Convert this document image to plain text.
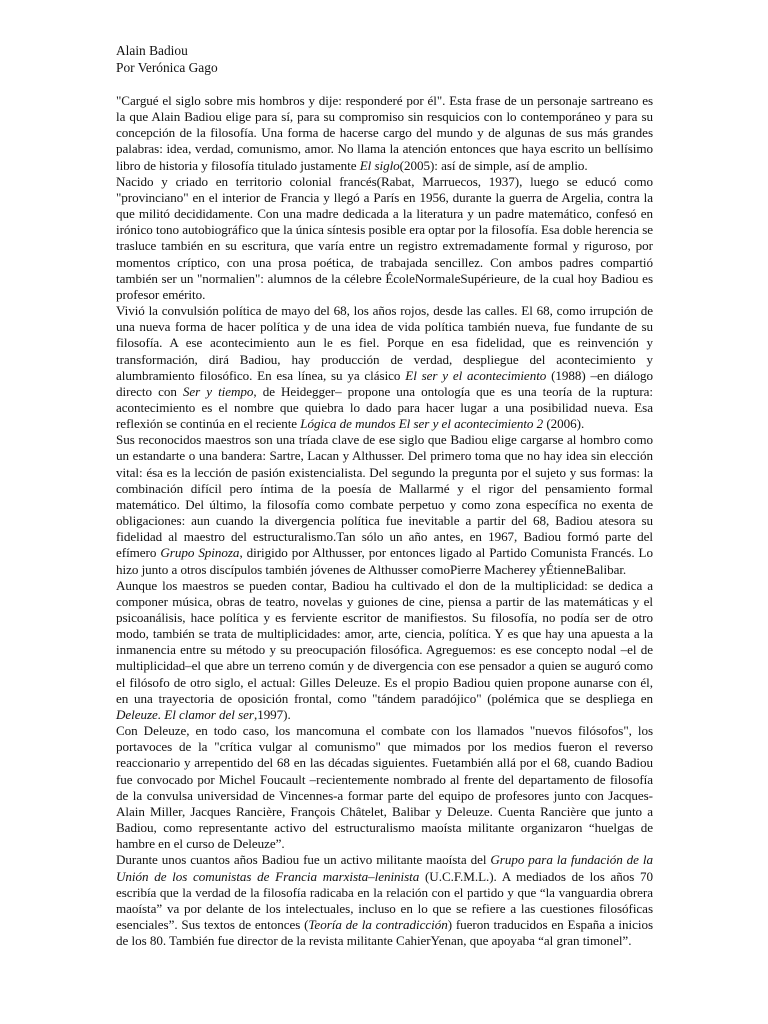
Alain Badiou
Por Verónica Gago

"Cargué el siglo sobre mis hombros y dije: responderé por él". Esta frase de un personaje sartreano es la que Alain Badiou elige para sí, para su compromiso sin resquicios con lo contemporáneo y para su concepción de la filosofía. Una forma de hacerse cargo del mundo y de algunas de sus más grandes palabras: idea, verdad, comunismo, amor. No llama la atención entonces que haya escrito un bellísimo libro de historia y filosofía titulado justamente El siglo(2005): así de simple, así de amplio.

Nacido y criado en territorio colonial francés(Rabat, Marruecos, 1937), luego se educó como "provinciano" en el interior de Francia y llegó a París en 1956, durante la guerra de Argelia, contra la que militó decididamente. Con una madre dedicada a la literatura y un padre matemático, confesó en irónico tono autobiográfico que la única síntesis posible era optar por la filosofía. Esa doble herencia se trasluce también en su escritura, que varía entre un registro extremadamente formal y riguroso, por momentos críptico, con una prosa poética, de trabajada sencillez. Con ambos padres compartió también ser un "normalien": alumnos de la célebre ÉcoleNormaleSupérieure, de la cual hoy Badiou es profesor emérito.

Vivió la convulsión política de mayo del 68, los años rojos, desde las calles. El 68, como irrupción de una nueva forma de hacer política y de una idea de vida política también nueva, fue fundante de su filosofía. A ese acontecimiento aun le es fiel. Porque en esa fidelidad, que es reinvención y transformación, dirá Badiou, hay producción de verdad, despliegue del acontecimiento y alumbramiento filosófico. En esa línea, su ya clásico El ser y el acontecimiento (1988) –en diálogo directo con Ser y tiempo, de Heidegger– propone una ontología que es una teoría de la ruptura: acontecimiento es el nombre que quiebra lo dado para hacer lugar a una posibilidad nueva. Esa reflexión se continúa en el reciente Lógica de mundos El ser y el acontecimiento 2 (2006).

Sus reconocidos maestros son una tríada clave de ese siglo que Badiou elige cargarse al hombro como un estandarte o una bandera: Sartre, Lacan y Althusser. Del primero toma que no hay idea sin elección vital: ésa es la lección de pasión existencialista. Del segundo la pregunta por el sujeto y sus formas: la combinación difícil pero íntima de la poesía de Mallarmé y el rigor del pensamiento formal matemático. Del último, la filosofía como combate perpetuo y como zona específica no exenta de obligaciones: aun cuando la divergencia política fue inevitable a partir del 68, Badiou atesora su fidelidad al maestro del estructuralismo.Tan sólo un año antes, en 1967, Badiou formó parte del efímero Grupo Spinoza, dirigido por Althusser, por entonces ligado al Partido Comunista Francés. Lo hizo junto a otros discípulos también jóvenes de Althusser comoPierre Macherey yÉtienneBalibar.

Aunque los maestros se pueden contar, Badiou ha cultivado el don de la multiplicidad: se dedica a componer música, obras de teatro, novelas y guiones de cine, piensa a partir de las matemáticas y el psicoanálisis, hace política y es ferviente escritor de manifiestos. Su filosofía, no podía ser de otro modo, también se trata de multiplicidades: amor, arte, ciencia, política. Y es que hay una apuesta a la inmanencia entre su método y su preocupación filosófica. Agreguemos: es ese concepto nodal –el de multiplicidad–el que abre un terreno común y de divergencia con ese pensador a quien se auguró como el filósofo de otro siglo, el actual: Gilles Deleuze. Es el propio Badiou quien propone aunarse con él, en una trayectoria de oposición frontal, como "tándem paradójico" (polémica que se despliega en Deleuze. El clamor del ser,1997).

Con Deleuze, en todo caso, los mancomuna el combate con los llamados "nuevos filósofos", los portavoces de la "crítica vulgar al comunismo" que mimados por los medios fueron el reverso reaccionario y arrepentido del 68 en las décadas siguientes. Fuetambién allá por el 68, cuando Badiou fue convocado por Michel Foucault –recientemente nombrado al frente del departamento de filosofía de la convulsa universidad de Vincennes-a formar parte del equipo de profesores junto con Jacques-Alain Miller, Jacques Rancière, François Châtelet, Balibar y Deleuze. Cuenta Rancière que junto a Badiou, como representante activo del estructuralismo maoísta militante organizaron “huelgas de hambre en el curso de Deleuze”.

Durante unos cuantos años Badiou fue un activo militante maoísta del Grupo para la fundación de la Unión de los comunistas de Francia marxista–leninista (U.C.F.M.L.). A mediados de los años 70 escribía que la verdad de la filosofía radicaba en la relación con el partido y que “la vanguardia obrera maoísta” va por delante de los intelectuales, incluso en lo que se refiere a las cuestiones filosóficas esenciales”. Sus textos de entonces (Teoría de la contradicción) fueron traducidos en España a inicios de los 80. También fue director de la revista militante CahierYenan, que apoyaba “al gran timonel”.
